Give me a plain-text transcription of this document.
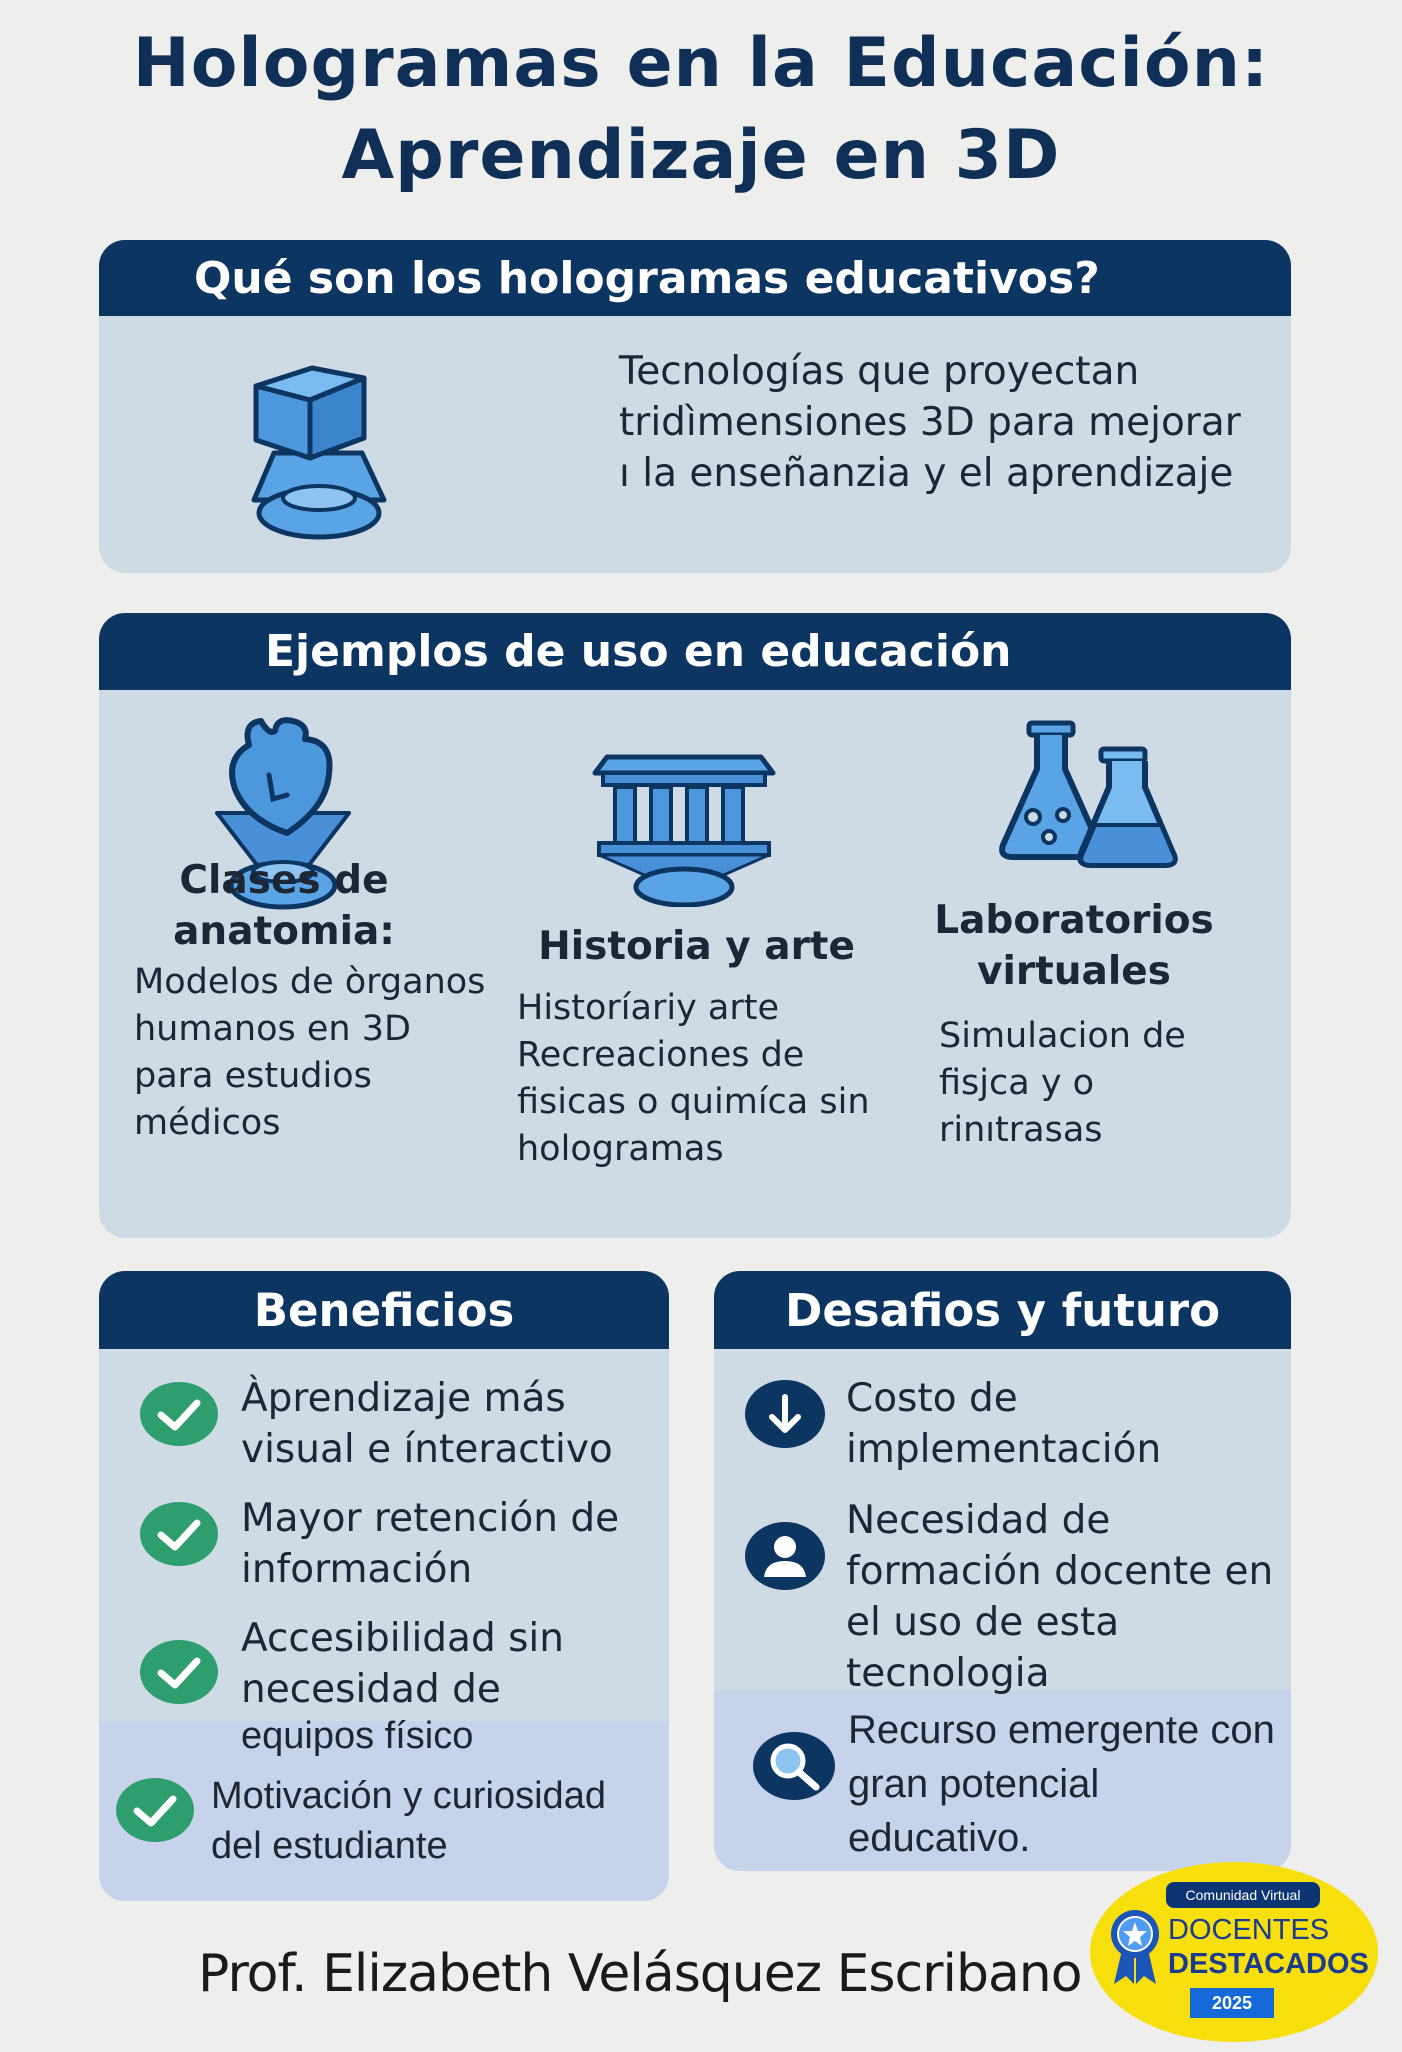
Hologramas en la Educación:
Aprendizaje en 3D
Qué son los hologramas educativos?
Tecnologías que proyectan tridìmensiones 3D para mejorar ı la enseñanzia y el aprendizaje
Ejemplos de uso en educación
Clases de anatomia:
Modelos de òrganos humanos en 3D para estudios médicos
Historia y arte
Historíariy arte Recreaciones de fisicas o quimíca sin hologramas
Laboratorios virtuales
Simulacion de fisjca y o rinıtrasas
Beneficios
Àprendizaje más visual e ínteractivo
Mayor retención de información
Accesibilidad sin necesidad de
equipos físico
Motivación y curiosidad del estudiante
Desafios y futuro
Costo de implementación
Necesidad de formación docente en el uso de esta tecnologia
Recurso emergente con gran potencial educativo.
Prof. Elizabeth Velásquez Escribano
Comunidad Virtual
DOCENTES
DESTACADOS
2025
